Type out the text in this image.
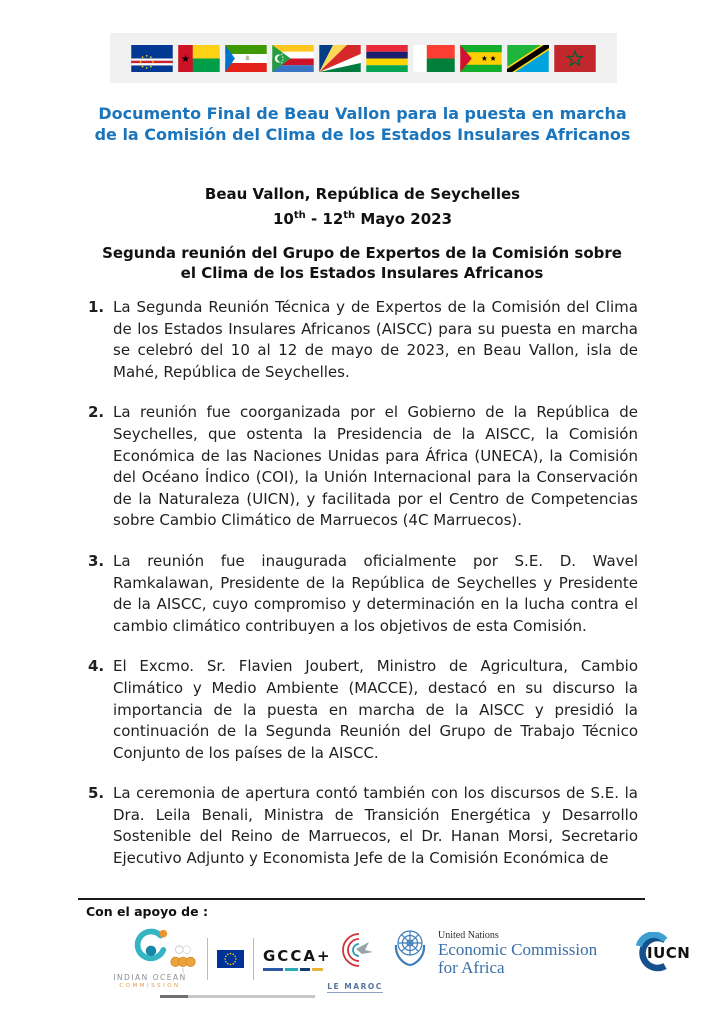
Documento Final de Beau Vallon para la puesta en marcha de la Comisión del Clima de los Estados Insulares Africanos
Beau Vallon, República de Seychelles
10th - 12th Mayo 2023
Segunda reunión del Grupo de Expertos de la Comisión sobre el Clima de los Estados Insulares Africanos
1. La Segunda Reunión Técnica y de Expertos de la Comisión del Clima de los Estados Insulares Africanos (AISCC) para su puesta en marcha se celebró del 10 al 12 de mayo de 2023, en Beau Vallon, isla de Mahé, República de Seychelles.
2. La reunión fue coorganizada por el Gobierno de la República de Seychelles, que ostenta la Presidencia de la AISCC, la Comisión Económica de las Naciones Unidas para África (UNECA), la Comisión del Océano Índico (COI), la Unión Internacional para la Conservación de la Naturaleza (UICN), y facilitada por el Centro de Competencias sobre Cambio Climático de Marruecos (4C Marruecos).
3. La reunión fue inaugurada oficialmente por S.E. D. Wavel Ramkalawan, Presidente de la República de Seychelles y Presidente de la AISCC, cuyo compromiso y determinación en la lucha contra el cambio climático contribuyen a los objetivos de esta Comisión.
4. El Excmo. Sr. Flavien Joubert, Ministro de Agricultura, Cambio Climático y Medio Ambiente (MACCE), destacó en su discurso la importancia de la puesta en marcha de la AISCC y presidió la continuación de la Segunda Reunión del Grupo de Trabajo Técnico Conjunto de los países de la AISCC.
5. La ceremonia de apertura contó también con los discursos de S.E. la Dra. Leila Benali, Ministra de Transición Energética y Desarrollo Sostenible del Reino de Marruecos, el Dr. Hanan Morsi, Secretario Ejecutivo Adjunto y Economista Jefe de la Comisión Económica de
Con el apoyo de :
INDIAN OCEAN
COMMISSION
GCCA+
LE MAROC
United Nations
Economic Commission
for Africa
IUCN
